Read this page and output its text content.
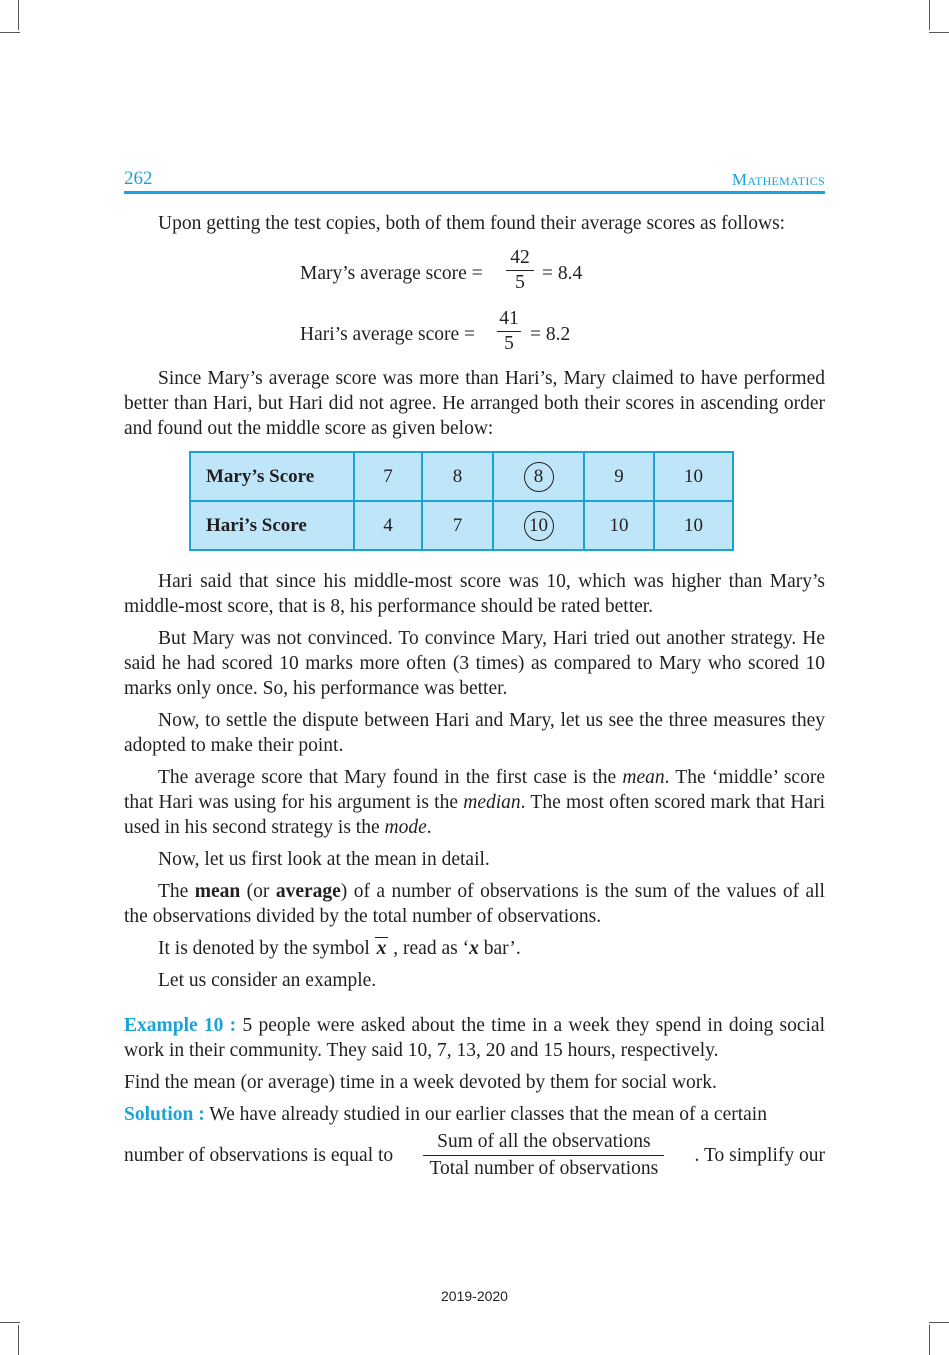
262	Mathematics

Upon getting the test copies, both of them found their average scores as follows:

Mary’s average score =
42
5 = 8.4
Hari’s average score =
41
5 = 8.2

Since Mary’s average score was more than Hari’s, Mary claimed to have performed better than Hari, but Hari did not agree. He arranged both their scores in ascending order and found out the middle score as given below:

Mary’s Score	7	8	8	9	10
Hari’s Score	4	7	10	10	10

Hari said that since his middle-most score was 10, which was higher than Mary’s middle-most score, that is 8, his performance should be rated better.

But Mary was not convinced. To convince Mary, Hari tried out another strategy. He said he had scored 10 marks more often (3 times) as compared to Mary who scored 10 marks only once. So, his performance was better.

Now, to settle the dispute between Hari and Mary, let us see the three measures they adopted to make their point.

The average score that Mary found in the first case is the mean. The ‘middle’ score that Hari was using for his argument is the median. The most often scored mark that Hari used in his second strategy is the mode.

Now, let us first look at the mean in detail.

The mean (or average) of a number of observations is the sum of the values of all the observations divided by the total number of observations.

It is denoted by the symbol x , read as ‘x bar’.

Let us consider an example.

Example 10 : 5 people were asked about the time in a week they spend in doing social work in their community. They said 10, 7, 13, 20 and 15 hours, respectively.

Find the mean (or average) time in a week devoted by them for social work.

Solution : We have already studied in our earlier classes that the mean of a certain

number of observations is equal to $\frac{\text{Sum of all the observations}}{\text{Total number of observations}}$ . To simplify our
2019-2020
